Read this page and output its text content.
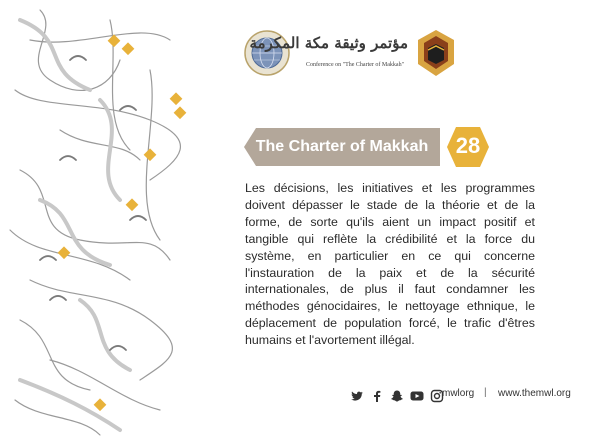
مؤتمر وثيقة مكة المكرمة
Conference on "The Charter of Makkah"
The Charter of Makkah	28
Les décisions, les initiatives et les programmes doivent dépasser le stade de la théorie et de la forme, de sorte qu'ils aient un impact positif et tangible qui reflète la crédibilité et la force du système, en particulier en ce qui concerne l'instauration de la paix et de la sécurité internationales, de plus il faut condamner les méthodes génocidaires, le nettoyage ethnique, le déplacement de population forcé, le trafic d'êtres humains et l'avortement illégal.
mwlorg | www.themwl.org
